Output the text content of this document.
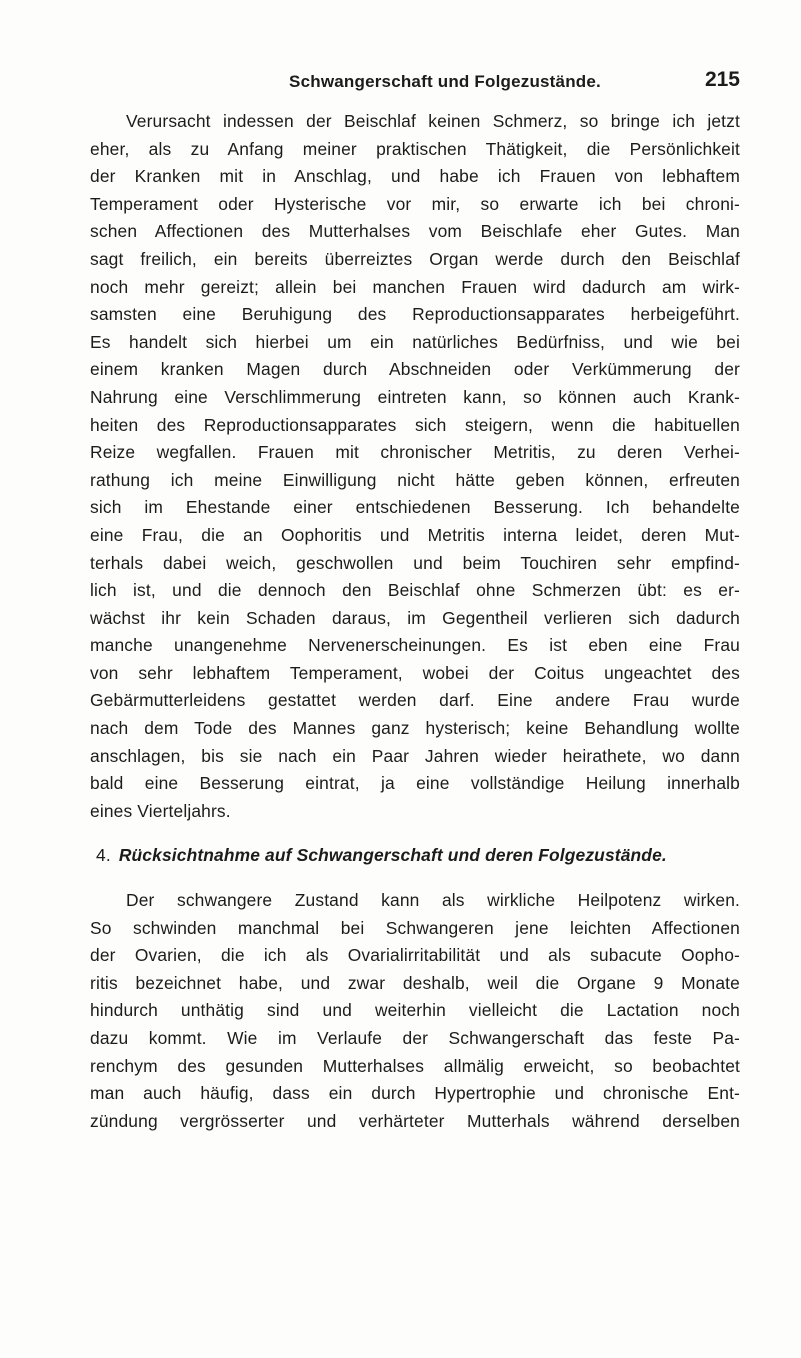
Schwangerschaft und Folgezustände.	215
Verursacht indessen der Beischlaf keinen Schmerz, so bringe ich jetzt
eher, als zu Anfang meiner praktischen Thätigkeit, die Persönlichkeit
der Kranken mit in Anschlag, und habe ich Frauen von lebhaftem
Temperament oder Hysterische vor mir, so erwarte ich bei chroni-
schen Affectionen des Mutterhalses vom Beischlafe eher Gutes. Man
sagt freilich, ein bereits überreiztes Organ werde durch den Beischlaf
noch mehr gereizt; allein bei manchen Frauen wird dadurch am wirk-
samsten eine Beruhigung des Reproductionsapparates herbeigeführt.
Es handelt sich hierbei um ein natürliches Bedürfniss, und wie bei
einem kranken Magen durch Abschneiden oder Verkümmerung der
Nahrung eine Verschlimmerung eintreten kann, so können auch Krank-
heiten des Reproductionsapparates sich steigern, wenn die habituellen
Reize wegfallen. Frauen mit chronischer Metritis, zu deren Verhei-
rathung ich meine Einwilligung nicht hätte geben können, erfreuten
sich im Ehestande einer entschiedenen Besserung. Ich behandelte
eine Frau, die an Oophoritis und Metritis interna leidet, deren Mut-
terhals dabei weich, geschwollen und beim Touchiren sehr empfind-
lich ist, und die dennoch den Beischlaf ohne Schmerzen übt: es er-
wächst ihr kein Schaden daraus, im Gegentheil verlieren sich dadurch
manche unangenehme Nervenerscheinungen. Es ist eben eine Frau
von sehr lebhaftem Temperament, wobei der Coitus ungeachtet des
Gebärmutterleidens gestattet werden darf. Eine andere Frau wurde
nach dem Tode des Mannes ganz hysterisch; keine Behandlung wollte
anschlagen, bis sie nach ein Paar Jahren wieder heirathete, wo dann
bald eine Besserung eintrat, ja eine vollständige Heilung innerhalb
eines Vierteljahrs.
4. Rücksichtnahme auf Schwangerschaft und deren Folgezustände.
Der schwangere Zustand kann als wirkliche Heilpotenz wirken.
So schwinden manchmal bei Schwangeren jene leichten Affectionen
der Ovarien, die ich als Ovarialirritabilität und als subacute Oopho-
ritis bezeichnet habe, und zwar deshalb, weil die Organe 9 Monate
hindurch unthätig sind und weiterhin vielleicht die Lactation noch
dazu kommt. Wie im Verlaufe der Schwangerschaft das feste Pa-
renchym des gesunden Mutterhalses allmälig erweicht, so beobachtet
man auch häufig, dass ein durch Hypertrophie und chronische Ent-
zündung vergrösserter und verhärteter Mutterhals während derselben
